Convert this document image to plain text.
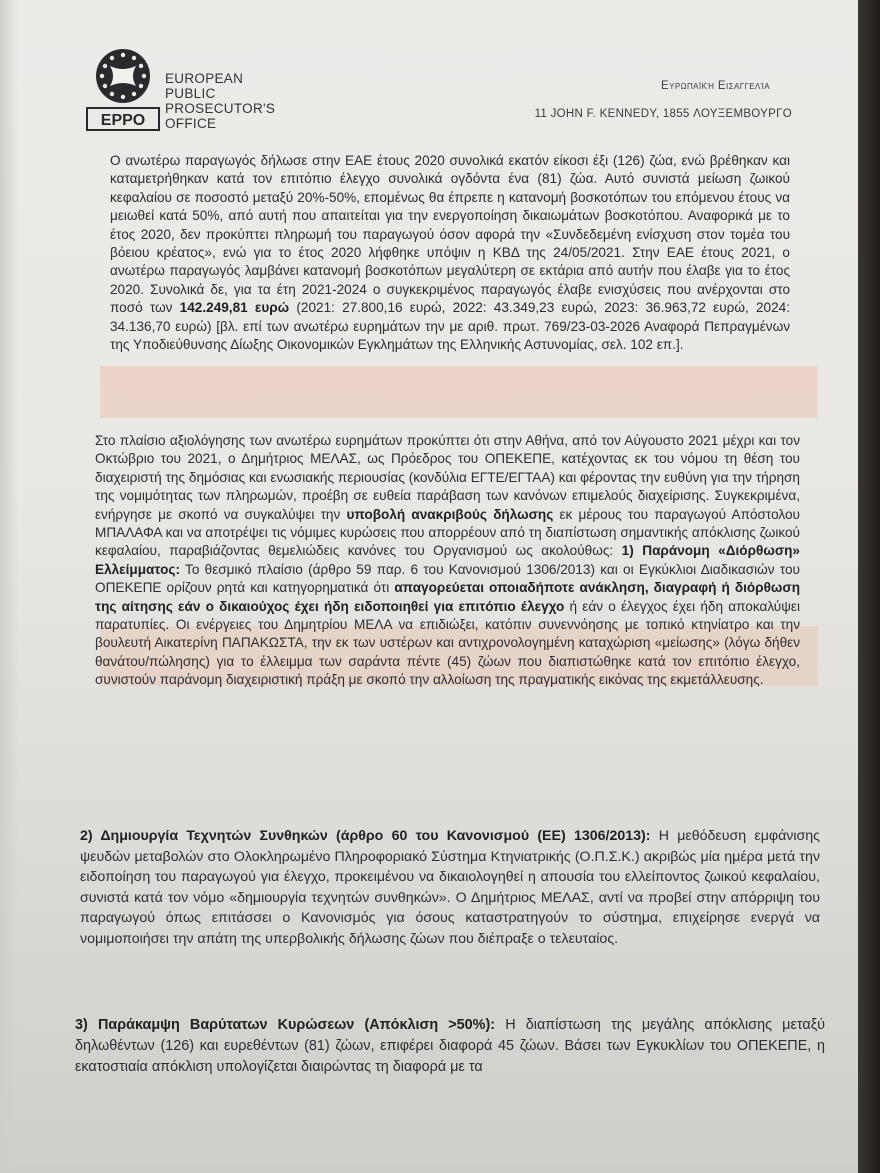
EPPO
EUROPEAN
PUBLIC
PROSECUTOR'S
OFFICE
Ευρωπαϊκή Εισαγγελία
11 JOHN F. KENNEDY, 1855 ΛΟΥΞΕΜΒΟΥΡΓΟ

Ο ανωτέρω παραγωγός δήλωσε στην ΕΑΕ έτους 2020 συνολικά εκατόν είκοσι έξι (126) ζώα, ενώ βρέθηκαν και καταμετρήθηκαν κατά τον επιτόπιο έλεγχο συνολικά ογδόντα ένα (81) ζώα. Αυτό συνιστά μείωση ζωικού κεφαλαίου σε ποσοστό μεταξύ 20%-50%, επομένως θα έπρεπε η κατανομή βοσκοτόπων του επόμενου έτους να μειωθεί κατά 50%, από αυτή που απαιτείται για την ενεργοποίηση δικαιωμάτων βοσκοτόπου. Αναφορικά με το έτος 2020, δεν προκύπτει πληρωμή του παραγωγού όσον αφορά την «Συνδεδεμένη ενίσχυση στον τομέα του βόειου κρέατος», ενώ για το έτος 2020 λήφθηκε υπόψιν η ΚΒΔ της 24/05/2021. Στην ΕΑΕ έτους 2021, ο ανωτέρω παραγωγός λαμβάνει κατανομή βοσκοτόπων μεγαλύτερη σε εκτάρια από αυτήν που έλαβε για το έτος 2020. Συνολικά δε, για τα έτη 2021-2024 ο συγκεκριμένος παραγωγός έλαβε ενισχύσεις που ανέρχονται στο ποσό των 142.249,81 ευρώ (2021: 27.800,16 ευρώ, 2022: 43.349,23 ευρώ, 2023: 36.963,72 ευρώ, 2024: 34.136,70 ευρώ) [βλ. επί των ανωτέρω ευρημάτων την με αριθ. πρωτ. 769/23-03-2026 Αναφορά Πεπραγμένων της Υποδιεύθυνσης Δίωξης Οικονομικών Εγκλημάτων της Ελληνικής Αστυνομίας, σελ. 102 επ.].

Στο πλαίσιο αξιολόγησης των ανωτέρω ευρημάτων προκύπτει ότι στην Αθήνα, από τον Αύγουστο 2021 μέχρι και τον Οκτώβριο του 2021, ο Δημήτριος ΜΕΛΑΣ, ως Πρόεδρος του ΟΠΕΚΕΠΕ, κατέχοντας εκ του νόμου τη θέση του διαχειριστή της δημόσιας και ενωσιακής περιουσίας (κονδύλια ΕΓΤΕ/ΕΓΤΑΑ) και φέροντας την ευθύνη για την τήρηση της νομιμότητας των πληρωμών, προέβη σε ευθεία παράβαση των κανόνων επιμελούς διαχείρισης. Συγκεκριμένα, ενήργησε με σκοπό να συγκαλύψει την υποβολή ανακριβούς δήλωσης εκ μέρους του παραγωγού Απόστολου ΜΠΑΛΑΦΑ και να αποτρέψει τις νόμιμες κυρώσεις που απορρέουν από τη διαπίστωση σημαντικής απόκλισης ζωικού κεφαλαίου, παραβιάζοντας θεμελιώδεις κανόνες του Οργανισμού ως ακολούθως: 1) Παράνομη «Διόρθωση» Ελλείμματος: Το θεσμικό πλαίσιο (άρθρο 59 παρ. 6 του Κανονισμού 1306/2013) και οι Εγκύκλιοι Διαδικασιών του ΟΠΕΚΕΠΕ ορίζουν ρητά και κατηγορηματικά ότι απαγορεύεται οποιαδήποτε ανάκληση, διαγραφή ή διόρθωση της αίτησης εάν ο δικαιούχος έχει ήδη ειδοποιηθεί για επιτόπιο έλεγχο ή εάν ο έλεγχος έχει ήδη αποκαλύψει παρατυπίες. Οι ενέργειες του Δημητρίου ΜΕΛΑ να επιδιώξει, κατόπιν συνεννόησης με τοπικό κτηνίατρο και την βουλευτή Αικατερίνη ΠΑΠΑΚΩΣΤΑ, την εκ των υστέρων και αντιχρονολογημένη καταχώριση «μείωσης» (λόγω δήθεν θανάτου/πώλησης) για το έλλειμμα των σαράντα πέντε (45) ζώων που διαπιστώθηκε κατά τον επιτόπιο έλεγχο, συνιστούν παράνομη διαχειριστική πράξη με σκοπό την αλλοίωση της πραγματικής εικόνας της εκμετάλλευσης.

2) Δημιουργία Τεχνητών Συνθηκών (άρθρο 60 του Κανονισμού (ΕΕ) 1306/2013): Η μεθόδευση εμφάνισης ψευδών μεταβολών στο Ολοκληρωμένο Πληροφοριακό Σύστημα Κτηνιατρικής (Ο.Π.Σ.Κ.) ακριβώς μία ημέρα μετά την ειδοποίηση του παραγωγού για έλεγχο, προκειμένου να δικαιολογηθεί η απουσία του ελλείποντος ζωικού κεφαλαίου, συνιστά κατά τον νόμο «δημιουργία τεχνητών συνθηκών». Ο Δημήτριος ΜΕΛΑΣ, αντί να προβεί στην απόρριψη του παραγωγού όπως επιτάσσει ο Κανονισμός για όσους καταστρατηγούν το σύστημα, επιχείρησε ενεργά να νομιμοποιήσει την απάτη της υπερβολικής δήλωσης ζώων που διέπραξε ο τελευταίος.

3) Παράκαμψη Βαρύτατων Κυρώσεων (Απόκλιση >50%): Η διαπίστωση της μεγάλης απόκλισης μεταξύ δηλωθέντων (126) και ευρεθέντων (81) ζώων, επιφέρει διαφορά 45 ζώων. Βάσει των Εγκυκλίων του ΟΠΕΚΕΠΕ, η εκατοστιαία απόκλιση υπολογίζεται διαιρώντας τη διαφορά με τα
